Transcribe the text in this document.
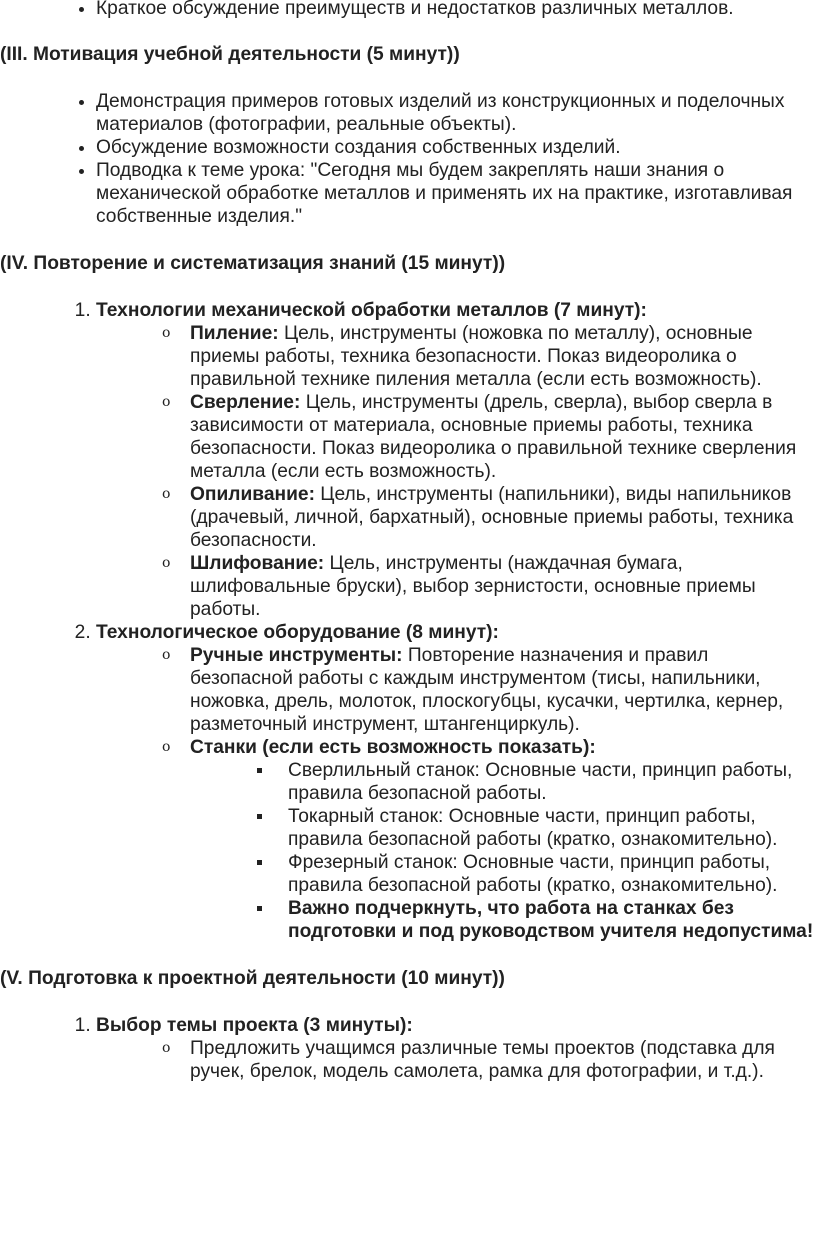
• Краткое обсуждение преимуществ и недостатков различных металлов.
(III. Мотивация учебной деятельности (5 минут))
• Демонстрация примеров готовых изделий из конструкционных и поделочных материалов (фотографии, реальные объекты).
• Обсуждение возможности создания собственных изделий.
• Подводка к теме урока: "Сегодня мы будем закреплять наши знания о механической обработке металлов и применять их на практике, изготавливая собственные изделия."
(IV. Повторение и систематизация знаний (15 минут))
1. Технологии механической обработки металлов (7 минут):
o Пиление: Цель, инструменты (ножовка по металлу), основные приемы работы, техника безопасности. Показ видеоролика о правильной технике пиления металла (если есть возможность).
o Сверление: Цель, инструменты (дрель, сверла), выбор сверла в зависимости от материала, основные приемы работы, техника безопасности. Показ видеоролика о правильной технике сверления металла (если есть возможность).
o Опиливание: Цель, инструменты (напильники), виды напильников (драчевый, личной, бархатный), основные приемы работы, техника безопасности.
o Шлифование: Цель, инструменты (наждачная бумага, шлифовальные бруски), выбор зернистости, основные приемы работы.
2. Технологическое оборудование (8 минут):
o Ручные инструменты: Повторение назначения и правил безопасной работы с каждым инструментом (тисы, напильники, ножовка, дрель, молоток, плоскогубцы, кусачки, чертилка, кернер, разметочный инструмент, штангенциркуль).
o Станки (если есть возможность показать):
Сверлильный станок: Основные части, принцип работы, правила безопасной работы.
Токарный станок: Основные части, принцип работы, правила безопасной работы (кратко, ознакомительно).
Фрезерный станок: Основные части, принцип работы, правила безопасной работы (кратко, ознакомительно).
Важно подчеркнуть, что работа на станках без подготовки и под руководством учителя недопустима!
(V. Подготовка к проектной деятельности (10 минут))
1. Выбор темы проекта (3 минуты):
o Предложить учащимся различные темы проектов (подставка для ручек, брелок, модель самолета, рамка для фотографии, и т.д.).
